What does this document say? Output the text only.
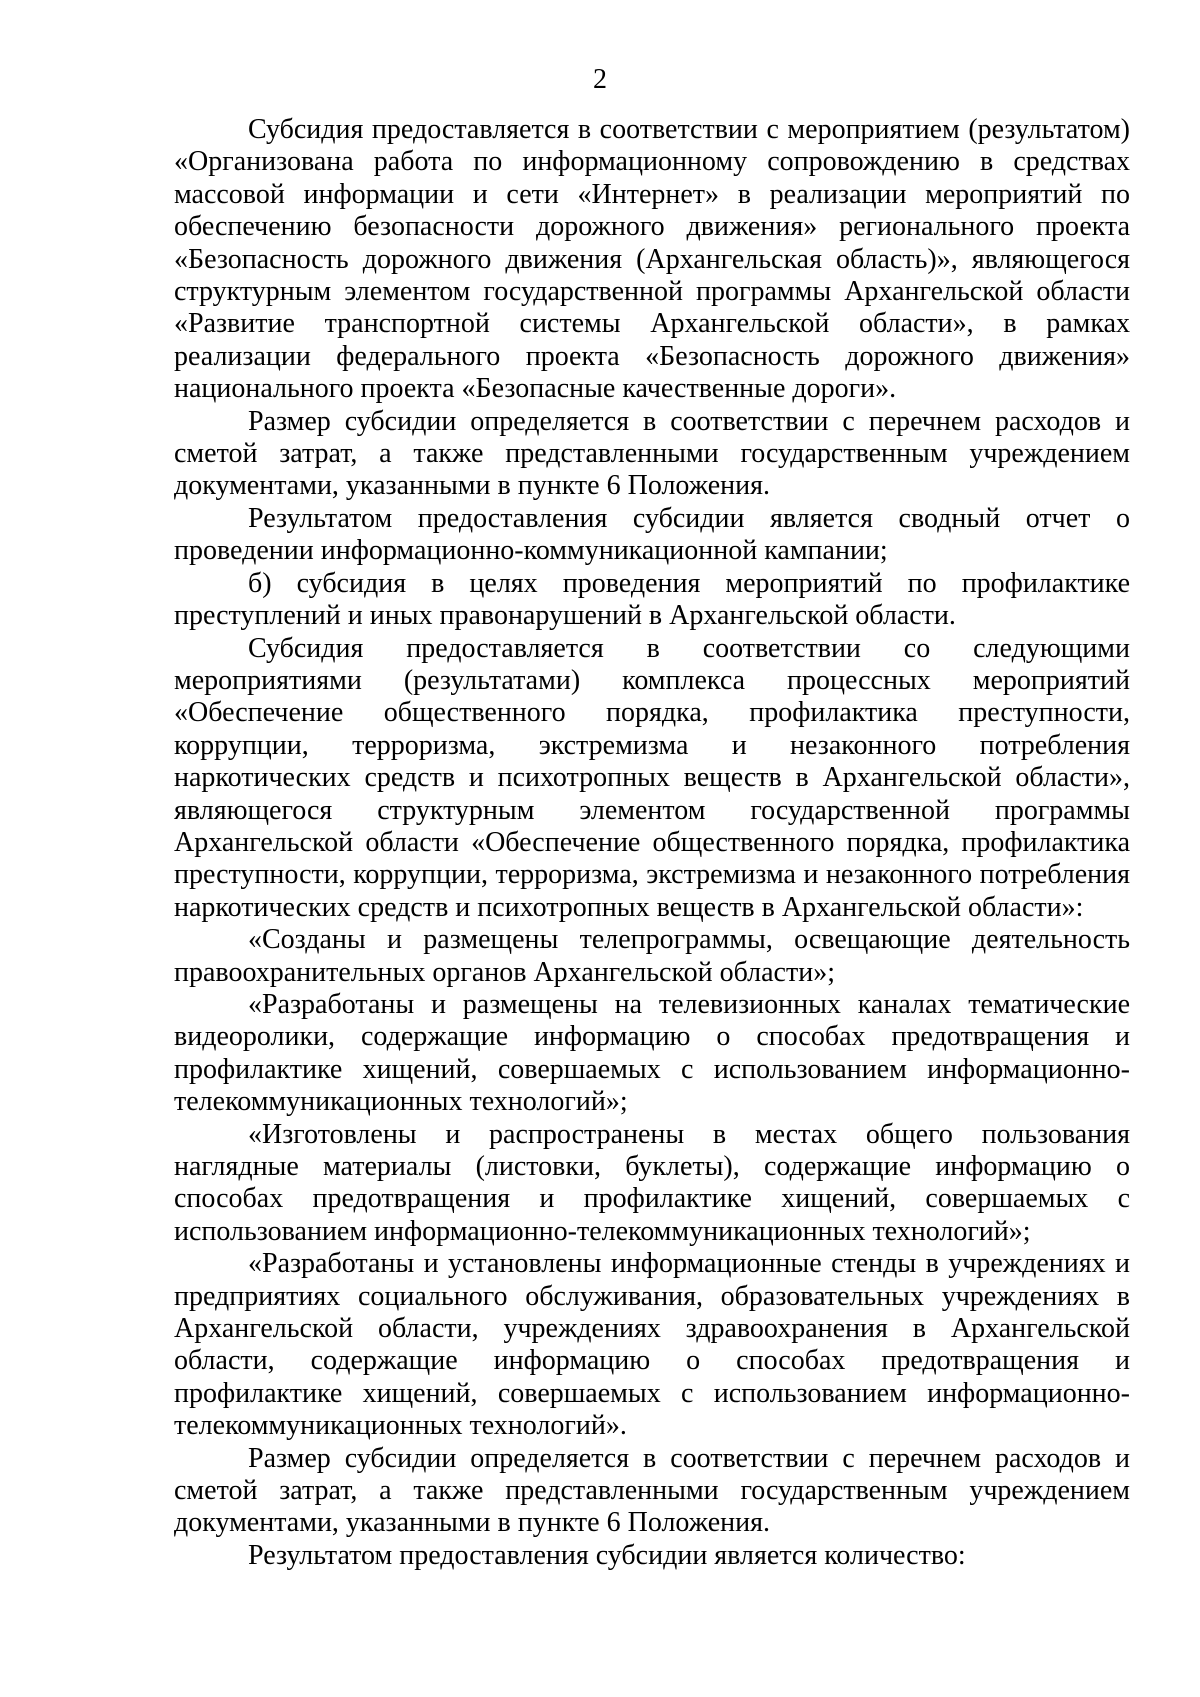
2

Субсидия предоставляется в соответствии с мероприятием (результатом) «Организована работа по информационному сопровождению в средствах массовой информации и сети «Интернет» в реализации мероприятий по обеспечению безопасности дорожного движения» регионального проекта «Безопасность дорожного движения (Архангельская область)», являющегося структурным элементом государственной программы Архангельской области «Развитие транспортной системы Архангельской области», в рамках реализации федерального проекта «Безопасность дорожного движения» национального проекта «Безопасные качественные дороги».

Размер субсидии определяется в соответствии с перечнем расходов и сметой затрат, а также представленными государственным учреждением документами, указанными в пункте 6 Положения.

Результатом предоставления субсидии является сводный отчет о проведении информационно-коммуникационной кампании;

б) субсидия в целях проведения мероприятий по профилактике преступлений и иных правонарушений в Архангельской области.

Субсидия предоставляется в соответствии со следующими мероприятиями (результатами) комплекса процессных мероприятий «Обеспечение общественного порядка, профилактика преступности, коррупции, терроризма, экстремизма и незаконного потребления наркотических средств и психотропных веществ в Архангельской области», являющегося структурным элементом государственной программы Архангельской области «Обеспечение общественного порядка, профилактика преступности, коррупции, терроризма, экстремизма и незаконного потребления наркотических средств и психотропных веществ в Архангельской области»:

«Созданы и размещены телепрограммы, освещающие деятельность правоохранительных органов Архангельской области»;

«Разработаны и размещены на телевизионных каналах тематические видеоролики, содержащие информацию о способах предотвращения и профилактике хищений, совершаемых с использованием информационно-телекоммуникационных технологий»;

«Изготовлены и распространены в местах общего пользования наглядные материалы (листовки, буклеты), содержащие информацию о способах предотвращения и профилактике хищений, совершаемых с использованием информационно-телекоммуникационных технологий»;

«Разработаны и установлены информационные стенды в учреждениях и предприятиях социального обслуживания, образовательных учреждениях в Архангельской области, учреждениях здравоохранения в Архангельской области, содержащие информацию о способах предотвращения и профилактике хищений, совершаемых с использованием информационно-телекоммуникационных технологий».

Размер субсидии определяется в соответствии с перечнем расходов и сметой затрат, а также представленными государственным учреждением документами, указанными в пункте 6 Положения.

Результатом предоставления субсидии является количество:
